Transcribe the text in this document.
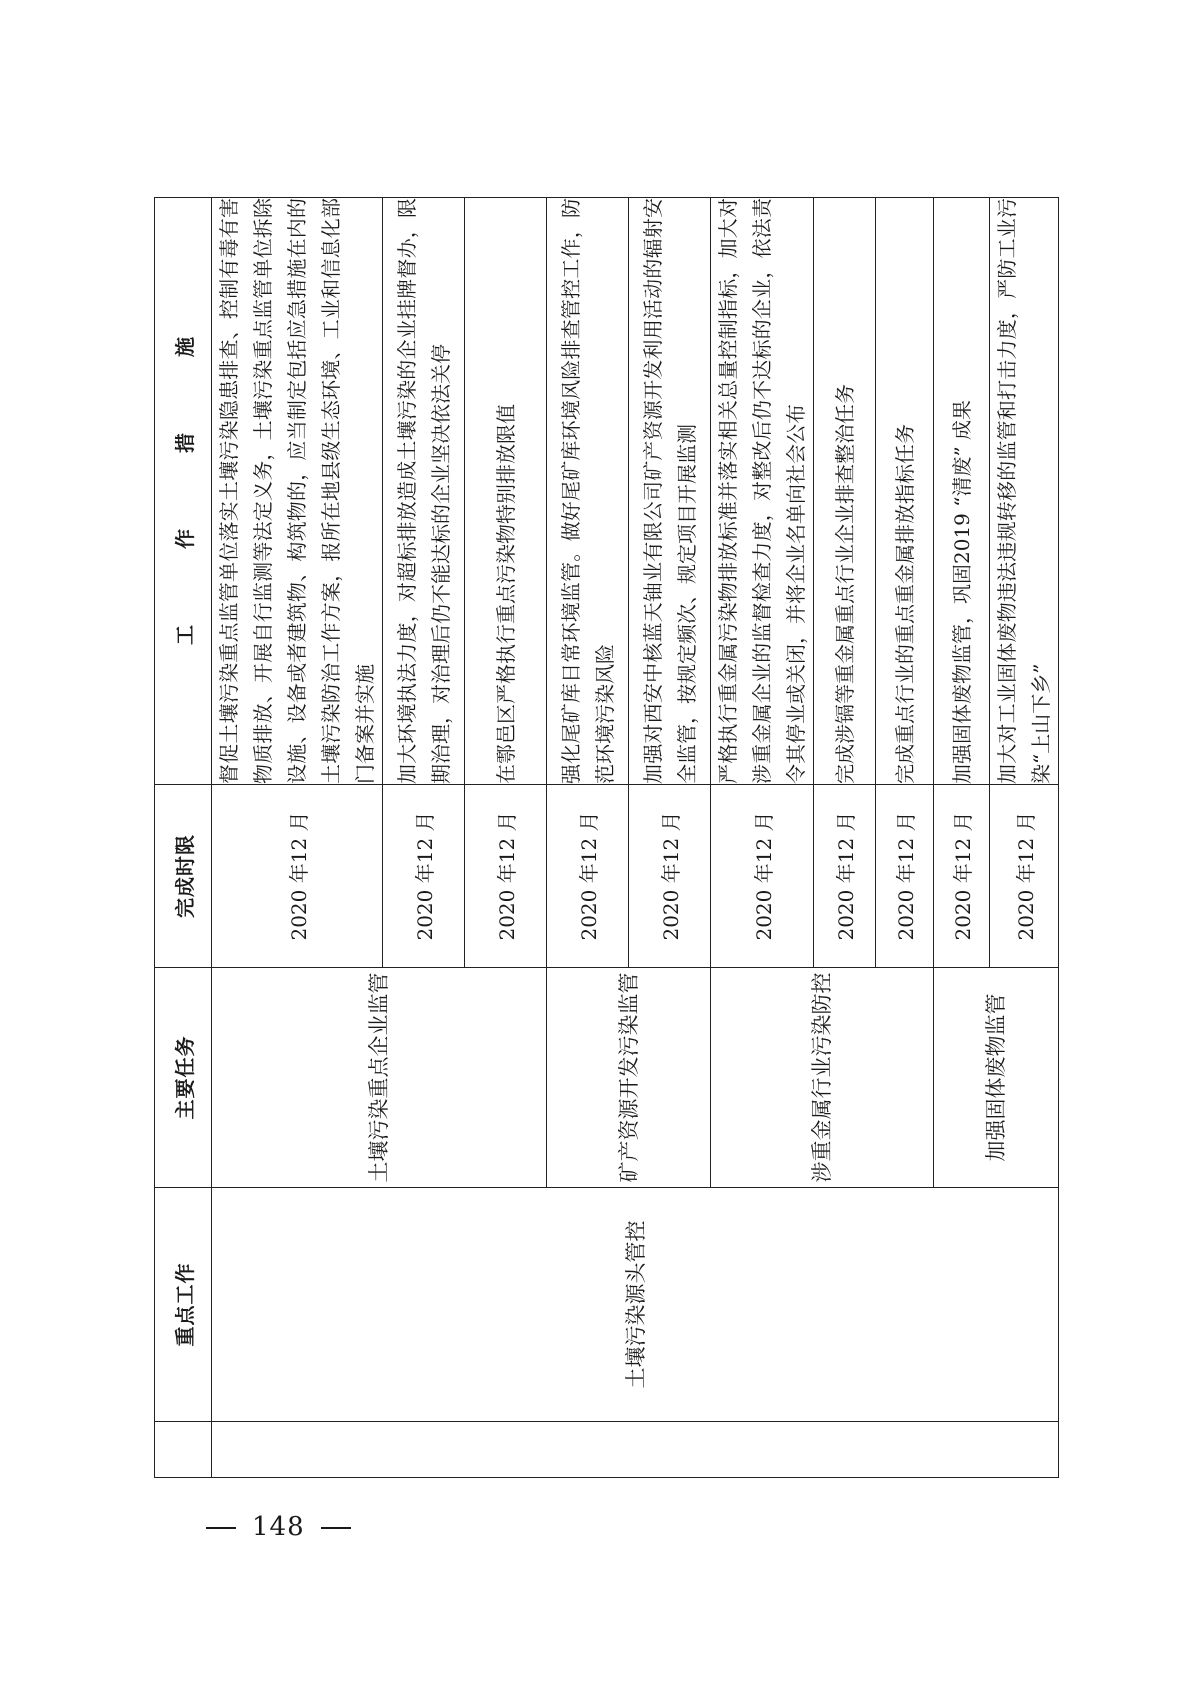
	重点工作	主要任务	完成时限	工　作　措　施
	土壤污染源头管控	土壤污染重点企业监管	2020 年12 月	督促土壤污染重点监管单位落实土壤污染隐患排查、控制有毒有害物质排放、开展自行监测等法定义务，土壤污染重点监管单位拆除设施、设备或者建筑物、构筑物的，应当制定包括应急措施在内的土壤污染防治工作方案，报所在地县级生态环境、工业和信息化部门备案并实施
			2020 年12 月	加大环境执法力度，对超标排放造成土壤污染的企业挂牌督办，限期治理，对治理后仍不能达标的企业坚决依法关停
			2020 年12 月	在鄠邑区严格执行重点污染物特别排放限值
		矿产资源开发污染监管	2020 年12 月	强化尾矿库日常环境监管。做好尾矿库环境风险排查管控工作，防范环境污染风险
			2020 年12 月	加强对西安中核蓝天铀业有限公司矿产资源开发利用活动的辐射安全监管，按规定频次、规定项目开展监测
		涉重金属行业污染防控	2020 年12 月	严格执行重金属污染物排放标准并落实相关总量控制指标，加大对涉重金属企业的监督检查力度，对整改后仍不达标的企业，依法责令其停业或关闭，并将企业名单向社会公布
			2020 年12 月	完成涉镉等重金属重点行业企业排查整治任务
			2020 年12 月	完成重点行业的重点重金属排放指标任务
		加强固体废物监管	2020 年12 月	加强固体废物监管，巩固2019 “清废” 成果
			2020 年12 月	加大对工业固体废物违法违规转移的监管和打击力度，严防工业污染“上山下乡”
148
